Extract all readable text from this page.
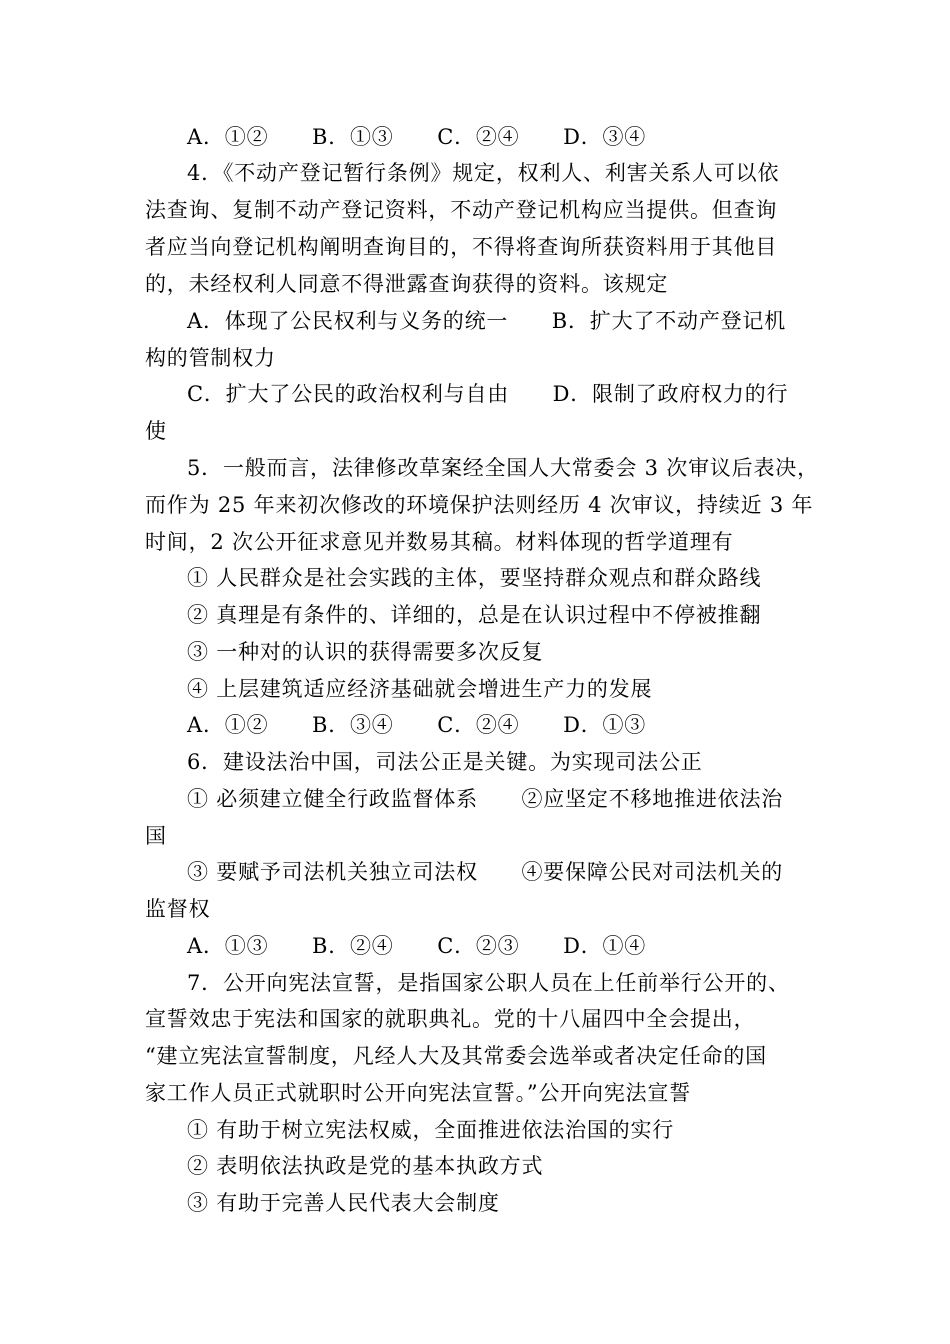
A．①②　　B．①③　　C．②④　　D．③④
4．《不动产登记暂行条例》规定，权利人、利害关系人可以依
法查询、复制不动产登记资料，不动产登记机构应当提供。但查询
者应当向登记机构阐明查询目的，不得将查询所获资料用于其他目
的，未经权利人同意不得泄露查询获得的资料。该规定
A．体现了公民权利与义务的统一　　B．扩大了不动产登记机
构的管制权力
C．扩大了公民的政治权利与自由　　D．限制了政府权力的行
使
5．一般而言，法律修改草案经全国人大常委会 3 次审议后表决，
而作为 25 年来初次修改的环境保护法则经历 4 次审议，持续近 3 年
时间，2 次公开征求意见并数易其稿。材料体现的哲学道理有
① 人民群众是社会实践的主体，要坚持群众观点和群众路线
② 真理是有条件的、详细的，总是在认识过程中不停被推翻
③ 一种对的认识的获得需要多次反复
④ 上层建筑适应经济基础就会增进生产力的发展
A．①②　　B．③④　　C．②④　　D．①③
6．建设法治中国，司法公正是关键。为实现司法公正
① 必须建立健全行政监督体系　　②应坚定不移地推进依法治
国
③ 要赋予司法机关独立司法权　　④要保障公民对司法机关的
监督权
A．①③　　B．②④　　C．②③　　D．①④
7．公开向宪法宣誓，是指国家公职人员在上任前举行公开的、
宣誓效忠于宪法和国家的就职典礼。党的十八届四中全会提出，
“建立宪法宣誓制度，凡经人大及其常委会选举或者决定任命的国
家工作人员正式就职时公开向宪法宣誓。”公开向宪法宣誓
① 有助于树立宪法权威，全面推进依法治国的实行
② 表明依法执政是党的基本执政方式
③ 有助于完善人民代表大会制度
